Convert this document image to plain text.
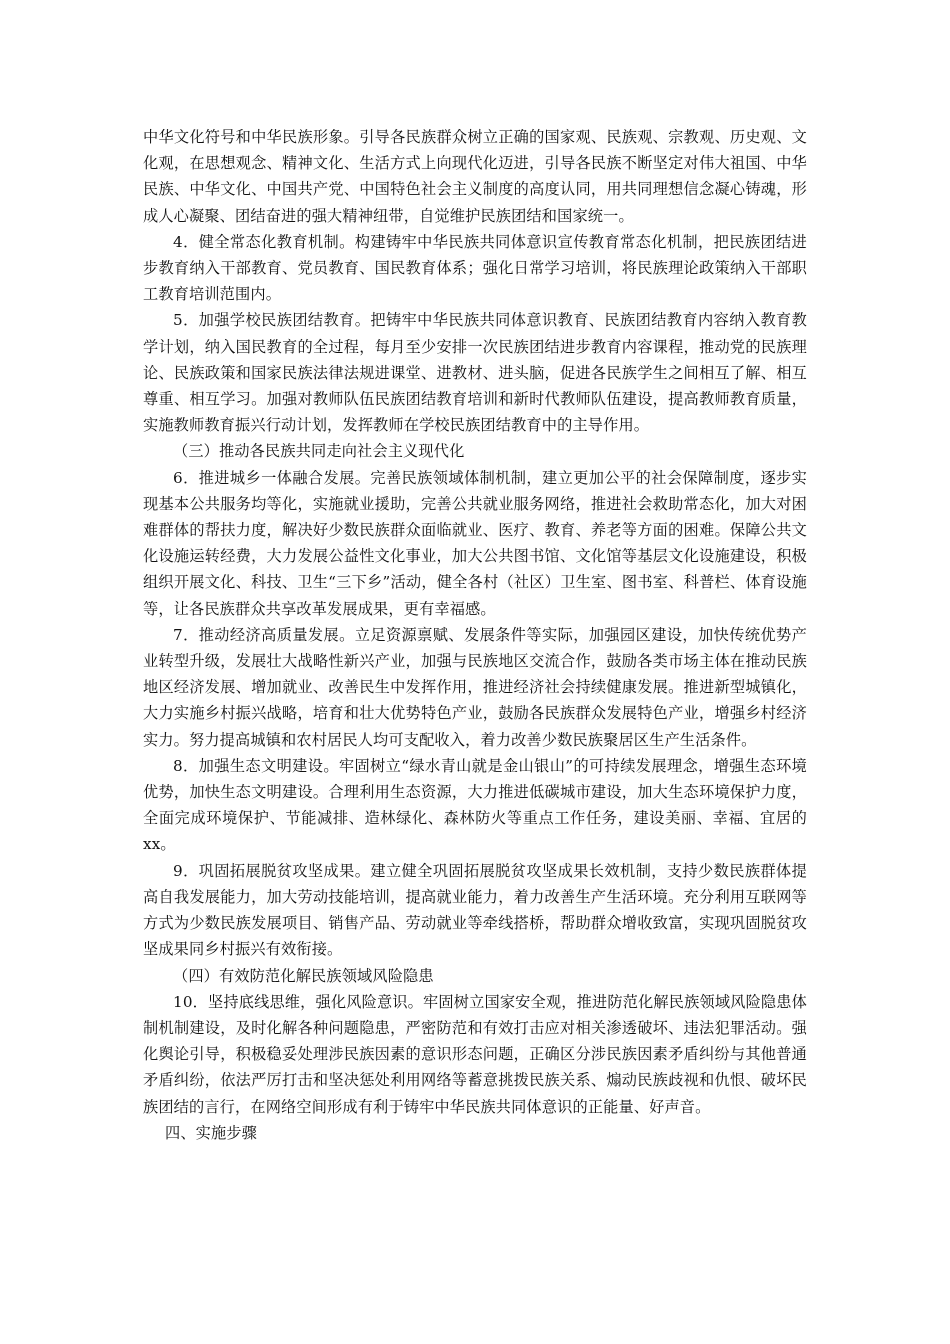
中华文化符号和中华民族形象。引导各民族群众树立正确的国家观、民族观、宗教观、历史观、文化观，在思想观念、精神文化、生活方式上向现代化迈进，引导各民族不断坚定对伟大祖国、中华民族、中华文化、中国共产党、中国特色社会主义制度的高度认同，用共同理想信念凝心铸魂，形成人心凝聚、团结奋进的强大精神纽带，自觉维护民族团结和国家统一。

4．健全常态化教育机制。构建铸牢中华民族共同体意识宣传教育常态化机制，把民族团结进步教育纳入干部教育、党员教育、国民教育体系；强化日常学习培训，将民族理论政策纳入干部职工教育培训范围内。

5．加强学校民族团结教育。把铸牢中华民族共同体意识教育、民族团结教育内容纳入教育教学计划，纳入国民教育的全过程，每月至少安排一次民族团结进步教育内容课程，推动党的民族理论、民族政策和国家民族法律法规进课堂、进教材、进头脑，促进各民族学生之间相互了解、相互尊重、相互学习。加强对教师队伍民族团结教育培训和新时代教师队伍建设，提高教师教育质量，实施教师教育振兴行动计划，发挥教师在学校民族团结教育中的主导作用。

（三）推动各民族共同走向社会主义现代化

6．推进城乡一体融合发展。完善民族领域体制机制，建立更加公平的社会保障制度，逐步实现基本公共服务均等化，实施就业援助，完善公共就业服务网络，推进社会救助常态化，加大对困难群体的帮扶力度，解决好少数民族群众面临就业、医疗、教育、养老等方面的困难。保障公共文化设施运转经费，大力发展公益性文化事业，加大公共图书馆、文化馆等基层文化设施建设，积极组织开展文化、科技、卫生“三下乡”活动，健全各村（社区）卫生室、图书室、科普栏、体育设施等，让各民族群众共享改革发展成果，更有幸福感。

7．推动经济高质量发展。立足资源禀赋、发展条件等实际，加强园区建设，加快传统优势产业转型升级，发展壮大战略性新兴产业，加强与民族地区交流合作，鼓励各类市场主体在推动民族地区经济发展、增加就业、改善民生中发挥作用，推进经济社会持续健康发展。推进新型城镇化，大力实施乡村振兴战略，培育和壮大优势特色产业，鼓励各民族群众发展特色产业，增强乡村经济实力。努力提高城镇和农村居民人均可支配收入，着力改善少数民族聚居区生产生活条件。

8．加强生态文明建设。牢固树立“绿水青山就是金山银山”的可持续发展理念，增强生态环境优势，加快生态文明建设。合理利用生态资源，大力推进低碳城市建设，加大生态环境保护力度，全面完成环境保护、节能减排、造林绿化、森林防火等重点工作任务，建设美丽、幸福、宜居的xx。

9．巩固拓展脱贫攻坚成果。建立健全巩固拓展脱贫攻坚成果长效机制，支持少数民族群体提高自我发展能力，加大劳动技能培训，提高就业能力，着力改善生产生活环境。充分利用互联网等方式为少数民族发展项目、销售产品、劳动就业等牵线搭桥，帮助群众增收致富，实现巩固脱贫攻坚成果同乡村振兴有效衔接。

（四）有效防范化解民族领域风险隐患

10．坚持底线思维，强化风险意识。牢固树立国家安全观，推进防范化解民族领域风险隐患体制机制建设，及时化解各种问题隐患，严密防范和有效打击应对相关渗透破坏、违法犯罪活动。强化舆论引导，积极稳妥处理涉民族因素的意识形态问题，正确区分涉民族因素矛盾纠纷与其他普通矛盾纠纷，依法严厉打击和坚决惩处利用网络等蓄意挑拨民族关系、煽动民族歧视和仇恨、破坏民族团结的言行，在网络空间形成有利于铸牢中华民族共同体意识的正能量、好声音。

四、实施步骤
